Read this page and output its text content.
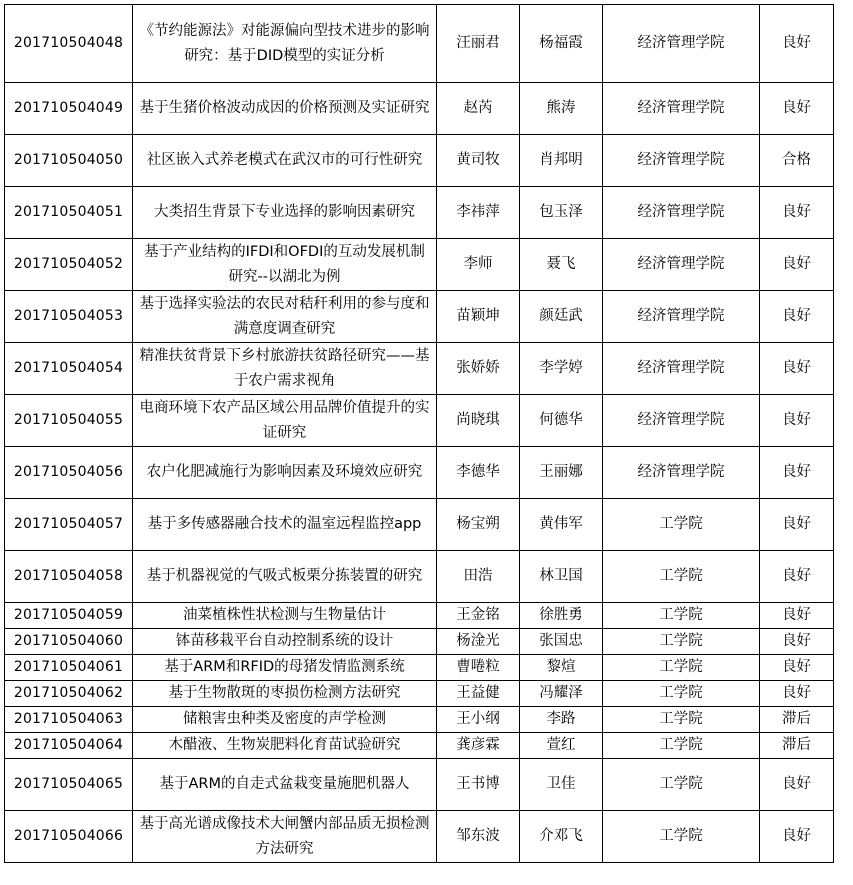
201710504048	《节约能源法》对能源偏向型技术进步的影响研究：基于DID模型的实证分析	汪丽君	杨福霞	经济管理学院	良好
201710504049	基于生猪价格波动成因的价格预测及实证研究	赵芮	熊涛	经济管理学院	良好
201710504050	社区嵌入式养老模式在武汉市的可行性研究	黄司牧	肖邦明	经济管理学院	合格
201710504051	大类招生背景下专业选择的影响因素研究	李祎萍	包玉泽	经济管理学院	良好
201710504052	基于产业结构的IFDI和OFDI的互动发展机制研究--以湖北为例	李师	聂飞	经济管理学院	良好
201710504053	基于选择实验法的农民对秸秆利用的参与度和满意度调查研究	苗颖坤	颜廷武	经济管理学院	良好
201710504054	精准扶贫背景下乡村旅游扶贫路径研究——基于农户需求视角	张娇娇	李学婷	经济管理学院	良好
201710504055	电商环境下农产品区域公用品牌价值提升的实证研究	尚晓琪	何德华	经济管理学院	良好
201710504056	农户化肥减施行为影响因素及环境效应研究	李德华	王丽娜	经济管理学院	良好
201710504057	基于多传感器融合技术的温室远程监控app	杨宝朔	黄伟军	工学院	良好
201710504058	基于机器视觉的气吸式板栗分拣装置的研究	田浩	林卫国	工学院	良好
201710504059	油菜植株性状检测与生物量估计	王金铭	徐胜勇	工学院	良好
201710504060	钵苗移栽平台自动控制系统的设计	杨淦光	张国忠	工学院	良好
201710504061	基于ARM和RFID的母猪发情监测系统	曹啳粒	黎煊	工学院	良好
201710504062	基于生物散斑的枣损伤检测方法研究	王益健	冯耀泽	工学院	良好
201710504063	储粮害虫种类及密度的声学检测	王小纲	李路	工学院	滞后
201710504064	木醋液、生物炭肥料化育苗试验研究	龚彦霖	萱红	工学院	滞后
201710504065	基于ARM的自走式盆栽变量施肥机器人	王书博	卫佳	工学院	良好
201710504066	基于高光谱成像技术大闸蟹内部品质无损检测方法研究	邹东波	介邓飞	工学院	良好
